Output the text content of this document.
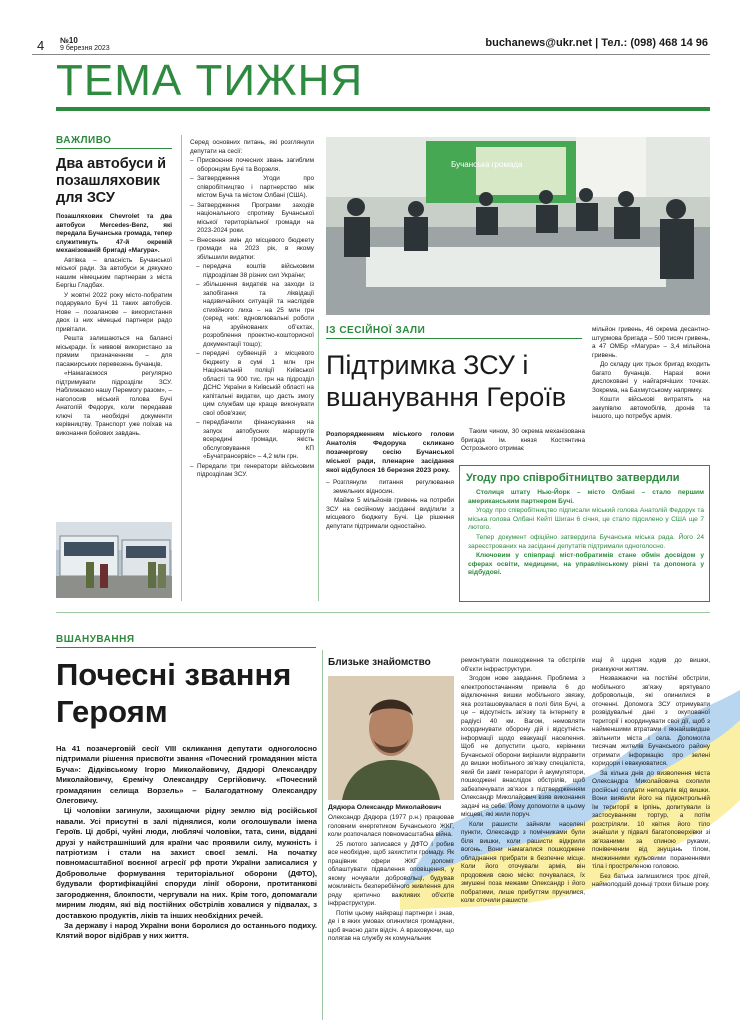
4 №10
9 березня 2023	buchanews@ukr.net | Тел.: (098) 468 14 96
ТЕМА ТИЖНЯ
ВАЖЛИВО
Два автобуси й позашляховик для ЗСУ

Позашляховик Chevrolet та два автобуси Mercedes-Benz, які передала Бучанська громада, тепер служитимуть 47-й окремій механізованій бригаді «Магура».

Автівка – власність Бучанської міської ради. За автобуси ж дякуємо нашим німецьким партнерам з міста Бергіш Гладбах.

У жовтні 2022 року місто-побратим подарувало Бучі 11 таких автобусів. Нове – позаланове – використання двох із них німецькі партнери радо привітали.

Решта залишаються на балансі міськради. Їх ниввові використано за прямим призначенням – для пасажирських перевезень бучанців.

«Намагаємося регулярно підтримувати підрозділи ЗСУ. Наближаємо нашу Перемогу разом», – наголосив міський голова Бучі Анатолій Федорук, коли передавав ключі та необхідні документи керівництву. Транспорт уже поїхав на виконання бойових завдань.

Серед основних питань, які розглянули депутати на сесії:

– Присвоєння почесних звань загиблим оборонцям Бучі та Ворзеля.
– Затвердження Угоди про співробітництво і партнерство між містом Буча та містом Олбані (США).
– Затвердження Програми заходів національного спротиву Бучанської міської територіальної громади на 2023-2024 роки.
– Внесення змін до місцевого бюджету громади на 2023 рік, в якому збільшили видатки:
– передача коштів військовим підрозділам 38 різних сил України;
– збільшення видатків на заходи із запобігання та ліквідації надзвичайних ситуацій та наслідків стихійного лиха – на 25 млн грн (серед них: вдновлювальні роботи на зруйнованих об'єктах, розроблення проектно-кошторисної документації тощо);
– передачі субвенцій з місцевого бюджету в сумі 1 млн грн Національній поліції Київської області та 900 тис. грн на підрозділ ДСНС України в Київській області на капітальні видатки, що дасть змогу цим службам ще краще виконувати свої обов'язки;
– передбачили фінансування на запуск автобусних маршрутів всередині громади, якість обслуговування КП «Бучатрансервіс» – 4,2 млн грн.
– Передали три генератори військовим підрозділам ЗСУ.
Бучанська громада
ІЗ СЕСІЙНОЇ ЗАЛИ
Підтримка ЗСУ і вшанування Героїв

Розпорядженням міського голови Анатолія Федорука скликано позачергову сесію Бучанської міської ради, пленарне засідання якої відбулося 16 березня 2023 року.

– Розглянули питання регулювання земельних відносин.

Майже 5 мільйонів гривень на потреби ЗСУ на сесійному засіданні виділили з місцевого бюджету Бучі. Це рішення депутати підтримали одностайно.

Таким чином, 30 окрема механізована бригада ім. князя Костянтина Острозького отримає

мільйон гривень, 46 окрема десантно-штурмова бригада – 500 тисяч гривень, а 47 ОМБр «Магура» – 3,4 мільйона гривень.

До складу цих трьох бригад входить багато бучанців. Наразі вони дислоковані у найгарячіших точках. Зокрема, на Бахмутському напрямку.

Кошти військові витратять на закупівлю автомобілів, дронів та іншого, що потребує армія.

Угоду про співробітництво затвердили

Столиця штату Нью-Йорк – місто Олбані – стало першим американським партнером Бучі.

Угоду про співробітництво підписали міський голова Анатолій Федорук та міська голова Олбані Кейті Шиган 6 січня, це стало підсилено у США ще 7 лютого.

Тепер документ офіційно затвердила Бучанська міська рада. Його 24 зареєстрованих на засіданні депутатів підтримали одноголосно.

Ключовим у співпраці міст-побратимів стане обмін досвідом у сферах освіти, медицини, на управлінському рівні та допомога у відбудові.

ВШАНУВАННЯ
Почесні звання Героям

На 41 позачерговій сесії VIII скликання депутати одноголосно підтримали рішення присвоїти звання «Почесний громадянин міста Буча»: Дідківському Ігорю Миколайовичу, Дядюрі Олександру Миколайовичу, Єремічу Олександру Сергійовичу. «Почесний громадянин селища Ворзель» – Балагодатному Олександру Олеговичу.

Ці чоловіки загинули, захищаючи рідну землю від російської навали. Усі присутні в залі піднялися, коли оголошували імена Героїв. Ці добрі, чуйні люди, люблячі чоловіки, тата, сини, віддані друзі у найстрашніший для країни час проявили силу, мужність і патріотизм і стали на захист своєї землі. На початку повномасштабної воєнної агресії рф проти України записалися у Добровольче формування територіальної оборони (ДФТО), будували фортифікаційні споруди лінії оборони, протитанкові загородження, блокпости, чергували на них. Крім того, допомагали мирним людям, які від постійних обстрілів ховалися у підвалах, з доставкою продуктів, ліків та інших необхідних речей.

За державу і народ України вони боролися до останнього подиху. Клятий ворог відібрав у них життя.

Близьке знайомство
Дядюра Олександр Миколайович

Олександр Дядюра (1977 р.н.) працював головним енергетиком Бучанського ЖКГ, коли розпочалася повномасштабна війна.

25 лютого записався у ДФТО і робив все необхідне, щоб захистити громаду. Як працівник сфери ЖКГ допоміг облаштувати підвалення оповіщення, у якому ночували добровольці, будував можливість безперебійного живлення для ряду критично важливих об'єктів інфраструктури.

Потім цьому найкращі партнери і знав, де і в яких умовах опинилися громадяни, щоб вчасно дати відсіч. А враховуючи, що полягав на службу як комунальник

ремонтувати пошкодження та обстрілів об'єкти інфраструктури.

Згодом нове завдання. Проблема з електропостачанням привела 6 до відключення вишки мобільного звязку, яка розташовувалася в полі біля Бучі, а це – відсутність зв'язку та інтернету в радіусі 40 км. Вагом, немовляти координувати оборону дій і відсутність інформації щодо евакуації населення. Щоб не допустити цього, керівники Бучанської оборони вирішили відправити до вишки мобільного зв'язку спеціаліста, який би заміг генератори й акумулятори, пошкоджені внаслідок обстрілів, щоб забезпечувати зв'язок з підтвердженням Олександр Миколайович взяв виконання задачі на себе. Йому допомогли в цьому місцеві, які жили поруч.

Коли рашисти зайняли населені пункти, Олександр з помічниками були біля вишки, коли рашисти відкрили вогонь. Вони намагалися пошкоджене обладнання прибрати в безпечне місце. Коли його оточували армія, він продовжив свою місію: почувалася, їх змушені поза межами Олександр і його побратими, лише прибуттям пручилися, коли оточили рашисти

ищі й щодня ходив до вишки, ризикуючи життям.

Незважаючи на постійні обстріли, мобільного зв'язку врятувало добровольців, які опинилися в оточенні. Допомога ЗСУ отримувати розвідувальні дані з окупованої території і координувати свої дії, щоб з найменшими втратами і якнайшвидше звільнити міста і села. Допомогла тисячам жителів Бучанського району отримати інформацію про зелені коридори і евакуюватися.

За кілька днів до визволення міста Олександра Миколайовича схопили російські солдати неподалік від вишки. Вони виявили його на підконтрольній їм території в Ірпінь, допитували із застосуванням тортур, а потім розстріляли. 10 квітня його тіло знайшли у підвалі багатоповерхівки зі зв'язаними за спиною руками, понівеченим від знущань тілом, множинними кульовими пораненнями тіла і простреленою головою.

Без батька залишилися троє дітей, наймолодшій доньці трохи більше року.
